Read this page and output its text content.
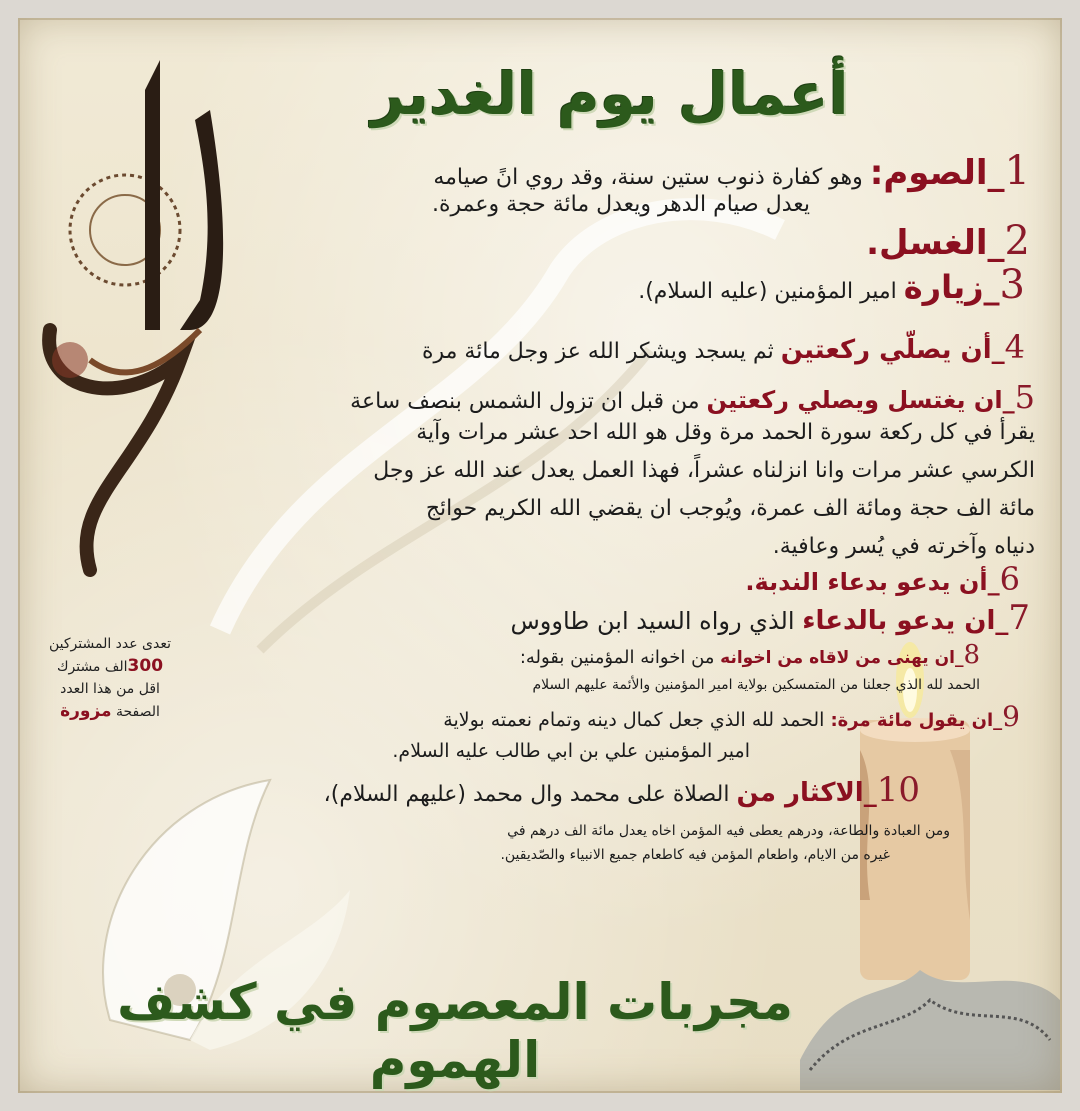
أعمال يوم الغدير
1_الصوم: وهو كفارة ذنوب ستين سنة، وقد روي انً صيامه
يعدل صيام الدهر ويعدل مائة حجة وعمرة.
2_الغسل.
3_زيارة امير المؤمنين (عليه السلام).
4_أن يصلّي ركعتين ثم يسجد ويشكر الله عز وجل مائة مرة
5_ان يغتسل ويصلي ركعتين من قبل ان تزول الشمس بنصف ساعة
يقرأ في كل ركعة سورة الحمد مرة وقل هو الله احد عشر مرات وآية
الكرسي عشر مرات وانا انزلناه عشراً، فهذا العمل يعدل عند الله عز وجل
مائة الف حجة ومائة الف عمرة، ويُوجب ان يقضي الله الكريم حوائج
دنياه وآخرته في يُسر وعافية.
6_أن يدعو بدعاء الندبة.
7_ان يدعو بالدعاء الذي رواه السيد ابن طاووس
8_ان يهنى من لاقاه من اخوانه من اخوانه المؤمنين بقوله:
الحمد لله الذي جعلنا من المتمسكين بولاية امير المؤمنين والأئمة عليهم السلام
9_ان يقول مائة مرة: الحمد لله الذي جعل كمال دينه وتمام نعمته بولاية
امير المؤمنين علي بن ابي طالب عليه السلام.
10_الاكثار من الصلاة على محمد وال محمد (عليهم السلام)،
ومن العبادة والطاعة، ودرهم يعطى فيه المؤمن اخاه يعدل مائة الف درهم في
غيره من الايام، واطعام المؤمن فيه كاطعام جميع الانبياء والصّديقين.
تعدى عدد المشتركين
300الف مشترك
اقل من هذا العدد
الصفحة مزورة
مجربات المعصوم في كشف الهموم
